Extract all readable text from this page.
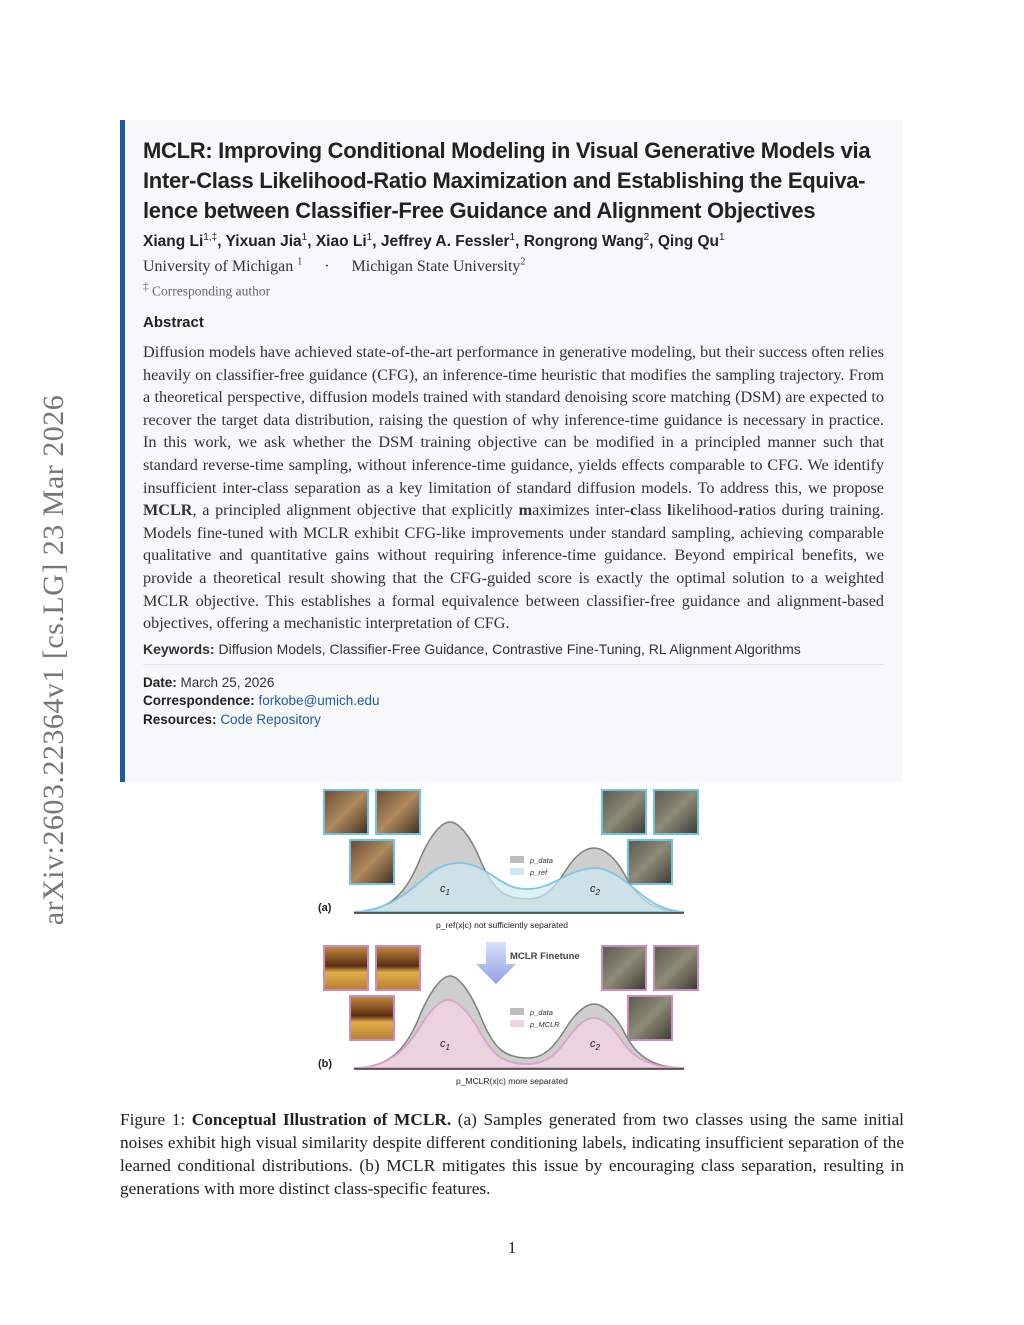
arXiv:2603.22364v1 [cs.LG] 23 Mar 2026
MCLR: Improving Conditional Modeling in Visual Generative Models via Inter-Class Likelihood-Ratio Maximization and Establishing the Equiva-lence between Classifier-Free Guidance and Alignment Objectives
Xiang $Li^{1,\ddagger}$, Yixuan Jia$^1$, Xiao Li$^1$, Jeffrey A. Fessler$^1$, Rongrong Wang$^2$, Qing Qu$^1$
University of Michigan $^1$ · Michigan State University$^2$
‡ Corresponding author
Abstract
Diffusion models have achieved state-of-the-art performance in generative modeling, but their success often relies heavily on classifier-free guidance (CFG), an inference-time heuristic that modifies the sampling trajectory. From a theoretical perspective, diffusion models trained with standard denoising score matching (DSM) are expected to recover the target data distribution, raising the question of why inference-time guidance is necessary in practice. In this work, we ask whether the DSM training objective can be modified in a principled manner such that standard reverse-time sampling, without inference-time guidance, yields effects comparable to CFG. We identify insufficient inter-class separation as a key limitation of standard diffusion models. To address this, we propose MCLR, a principled alignment objective that explicitly maximizes inter-class likelihood-ratios during training. Models fine-tuned with MCLR exhibit CFG-like improvements under standard sampling, achieving comparable qualitative and quantitative gains without requiring inference-time guidance. Beyond empirical benefits, we provide a theoretical result showing that the CFG-guided score is exactly the optimal solution to a weighted MCLR objective. This establishes a formal equivalence between classifier-free guidance and alignment-based objectives, offering a mechanistic interpretation of CFG.
Keywords: Diffusion Models, Classifier-Free Guidance, Contrastive Fine-Tuning, RL Alignment Algorithms
Date: March 25, 2026
Correspondence: forkobe@umich.edu
Resources: Code Repository
$c_1$	$c_2$
p_data
p_ref
(a)
p_ref(x|c) not sufficiently separated
MCLR Finetune
$c_1$	$c_2$
p_data
p_MCLR
(b)
p_MCLR(x|c) more separated
Figure 1: Conceptual Illustration of MCLR. (a) Samples generated from two classes using the same initial noises exhibit high visual similarity despite different conditioning labels, indicating insufficient separation of the learned conditional distributions. (b) MCLR mitigates this issue by encouraging class separation, resulting in generations with more distinct class-specific features.
1
